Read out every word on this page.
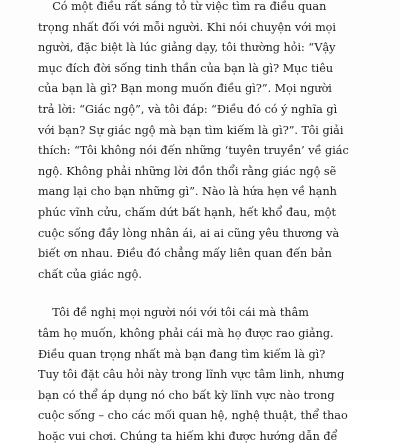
Có một điều rất sáng tỏ từ việc tìm ra điều quan
trọng nhất đối với mỗi người. Khi nói chuyện với mọi
người, đặc biệt là lúc giảng dạy, tôi thường hỏi: “Vậy
mục đích đời sống tinh thần của bạn là gì? Mục tiêu
của bạn là gì? Bạn mong muốn điều gì?”. Mọi người
trả lời: “Giác ngộ”, và tôi đáp: “Điều đó có ý nghĩa gì
với bạn? Sự giác ngộ mà bạn tìm kiếm là gì?”. Tôi giải
thích: “Tôi không nói đến những ‘tuyên truyền’ về giác
ngộ. Không phải những lời đồn thổi rằng giác ngộ sẽ
mang lại cho bạn những gì”. Nào là hứa hẹn về hạnh
phúc vĩnh cửu, chấm dứt bất hạnh, hết khổ đau, một
cuộc sống đầy lòng nhân ái, ai ai cũng yêu thương và
biết ơn nhau. Điều đó chẳng mấy liên quan đến bản
chất của giác ngộ.
Tôi đề nghị mọi người nói với tôi cái mà thâm
tâm họ muốn, không phải cái mà họ được rao giảng.
Điều quan trọng nhất mà bạn đang tìm kiếm là gì?
Tuy tôi đặt câu hỏi này trong lĩnh vực tâm linh, nhưng
bạn có thể áp dụng nó cho bất kỳ lĩnh vực nào trong
cuộc sống – cho các mối quan hệ, nghệ thuật, thể thao
hoặc vui chơi. Chúng ta hiếm khi được hướng dẫn để
